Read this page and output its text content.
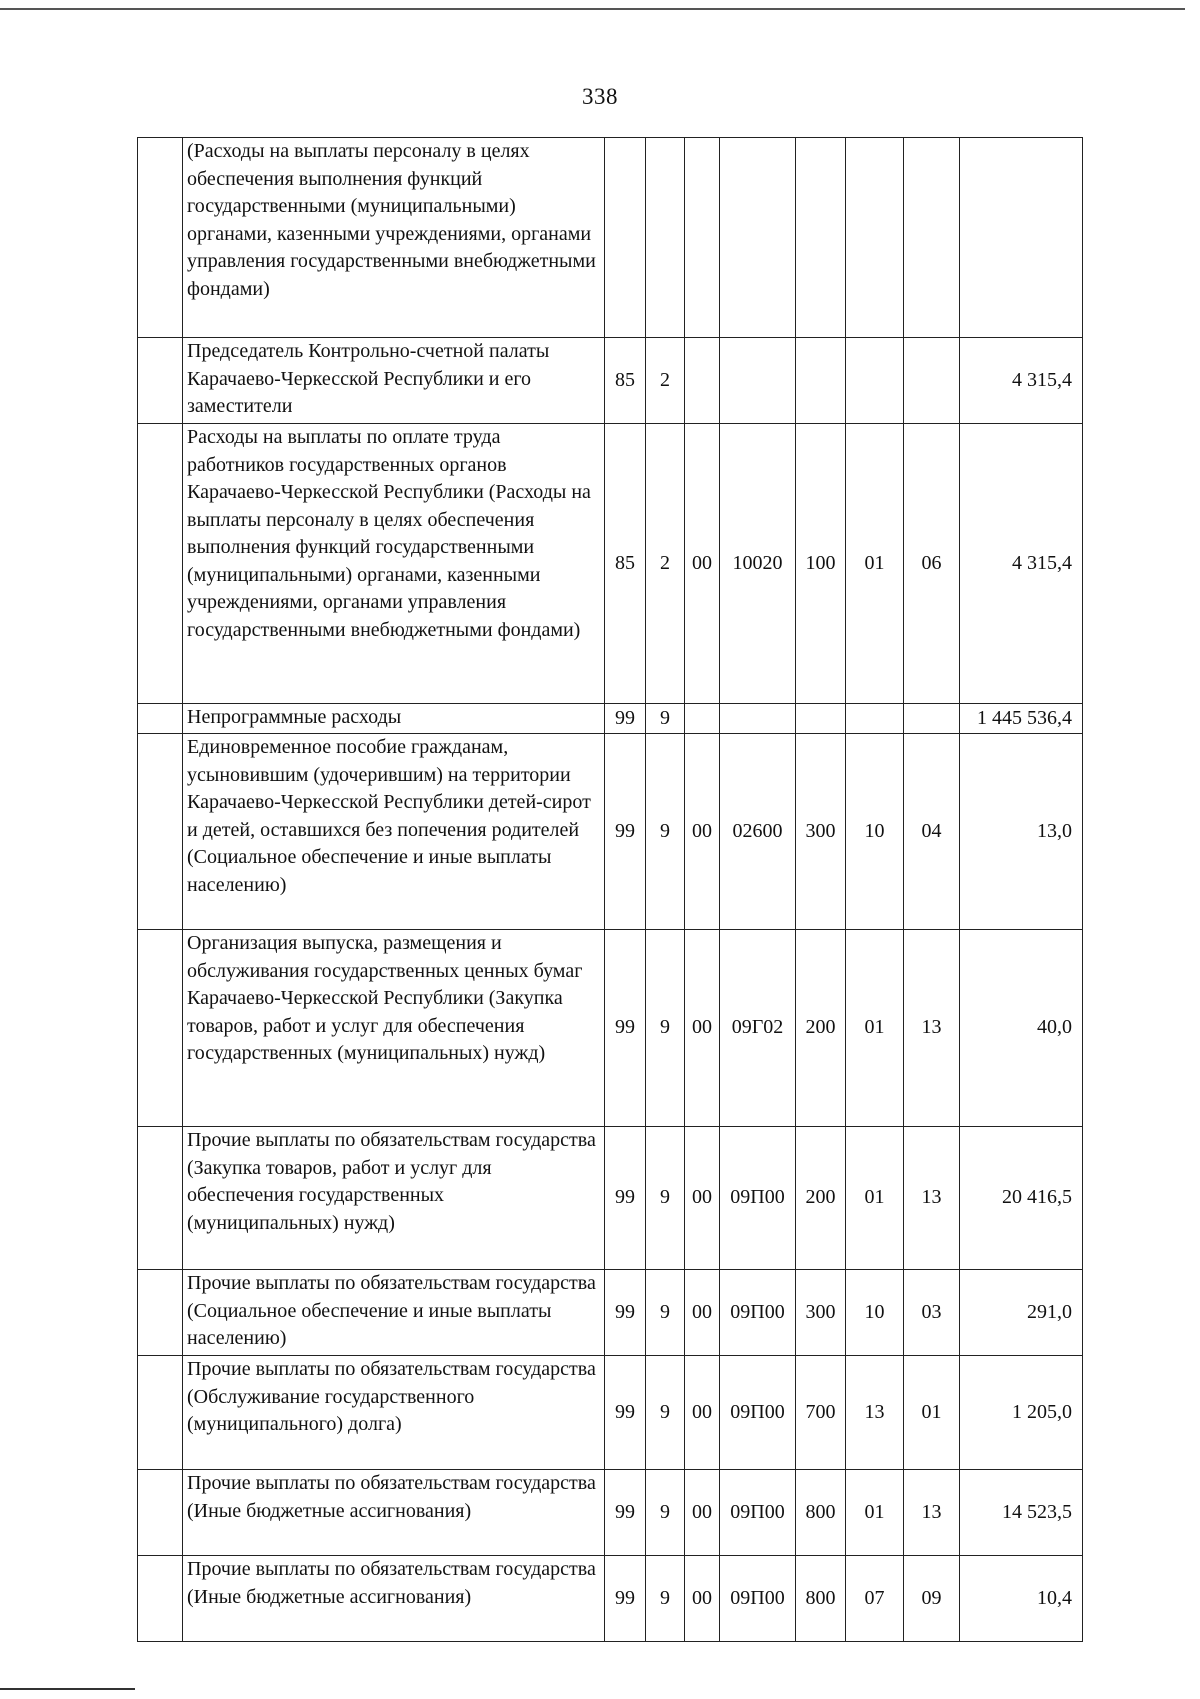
338
	(Расходы на выплаты персоналу в целях обеспечения выполнения функций государственными (муниципальными) органами, казенными учреждениями, органами управления государственными внебюджетными фондами)								
	Председатель Контрольно-счетной палаты Карачаево-Черкесской Республики и его заместители	85	2						4 315,4
	Расходы на выплаты по оплате труда работников государственных органов Карачаево-Черкесской Республики (Расходы на выплаты персоналу в целях обеспечения выполнения функций государственными (муниципальными) органами, казенными учреждениями, органами управления государственными внебюджетными фондами)	85	2	00	10020	100	01	06	4 315,4
	Непрограммные расходы	99	9						1 445 536,4
	Единовременное пособие гражданам, усыновившим (удочерившим) на территории Карачаево-Черкесской Республики детей-сирот и детей, оставшихся без попечения родителей (Социальное обеспечение и иные выплаты населению)	99	9	00	02600	300	10	04	13,0
	Организация выпуска, размещения и обслуживания государственных ценных бумаг Карачаево-Черкесской Республики (Закупка товаров, работ и услуг для обеспечения государственных (муниципальных) нужд)	99	9	00	09Г02	200	01	13	40,0
	Прочие выплаты по обязательствам государства (Закупка товаров, работ и услуг для обеспечения государственных (муниципальных) нужд)	99	9	00	09П00	200	01	13	20 416,5
	Прочие выплаты по обязательствам государства (Социальное обеспечение и иные выплаты населению)	99	9	00	09П00	300	10	03	291,0
	Прочие выплаты по обязательствам государства (Обслуживание государственного (муниципального) долга)	99	9	00	09П00	700	13	01	1 205,0
	Прочие выплаты по обязательствам государства (Иные бюджетные ассигнования)	99	9	00	09П00	800	01	13	14 523,5
	Прочие выплаты по обязательствам государства (Иные бюджетные ассигнования)	99	9	00	09П00	800	07	09	10,4
